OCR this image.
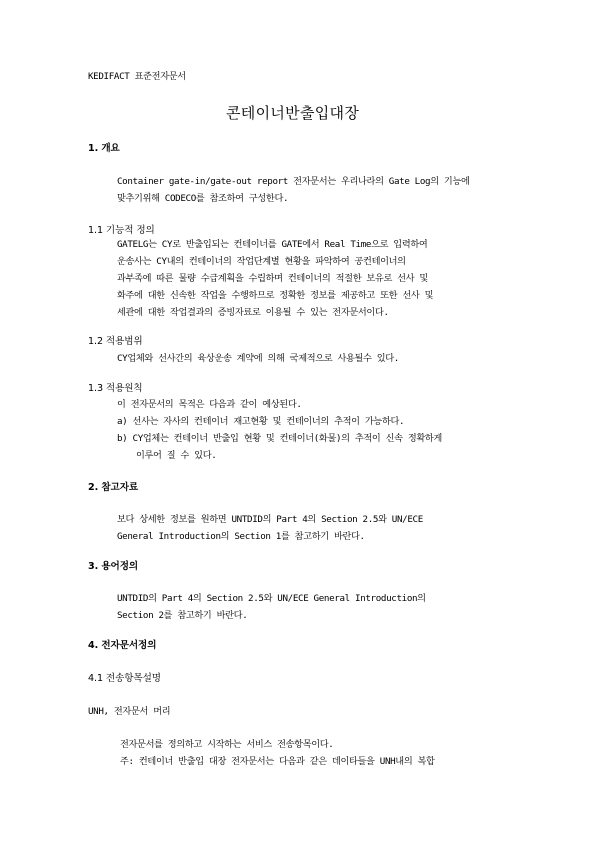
KEDIFACT 표준전자문서
콘테이너반출입대장
1. 개요
Container gate-in/gate-out report 전자문서는 우리나라의 Gate Log의 기능에
맞추기위해 CODECO를 참조하여 구성한다.
1.1 기능적 정의
GATELG는 CY로 반출입되는 컨테이너를 GATE에서 Real Time으로 입력하여
운송사는 CY내의 컨테이너의 작업단계별 현황을 파악하여 공컨테이너의
과부족에 따른 물량 수급계획을 수립하며 컨테이너의 적절한 보유로 선사 및
화주에 대한 신속한 작업을 수행하므로 정확한 정보를 제공하고 또한 선사 및
세관에 대한 작업결과의 증빙자료로 이용될 수 있는 전자문서이다.
1.2 적용범위
CY업체와 선사간의 육상운송 계약에 의해 국제적으로 사용될수 있다.
1.3 적용원칙
이 전자문서의 목적은 다음과 같이 예상된다.
a) 선사는 자사의 컨테이너 재고현황 및 컨테이너의 추적이 가능하다.
b) CY업체는 컨테이너 반출입 현황 및 컨테이너(화물)의 추적이 신속 정확하게
이루어 질 수 있다.
2. 참고자료
보다 상세한 정보를 원하면 UNTDID의 Part 4의 Section 2.5와 UN/ECE
General Introduction의 Section 1를 참고하기 바란다.
3. 용어정의
UNTDID의 Part 4의 Section 2.5와 UN/ECE General Introduction의
Section 2를 참고하기 바란다.
4. 전자문서정의
4.1 전송항목설명
UNH, 전자문서 머리
전자문서를 정의하고 시작하는 서비스 전송항목이다.
주: 컨테이너 반출입 대장 전자문서는 다음과 같은 데이타들을 UNH내의 복합
